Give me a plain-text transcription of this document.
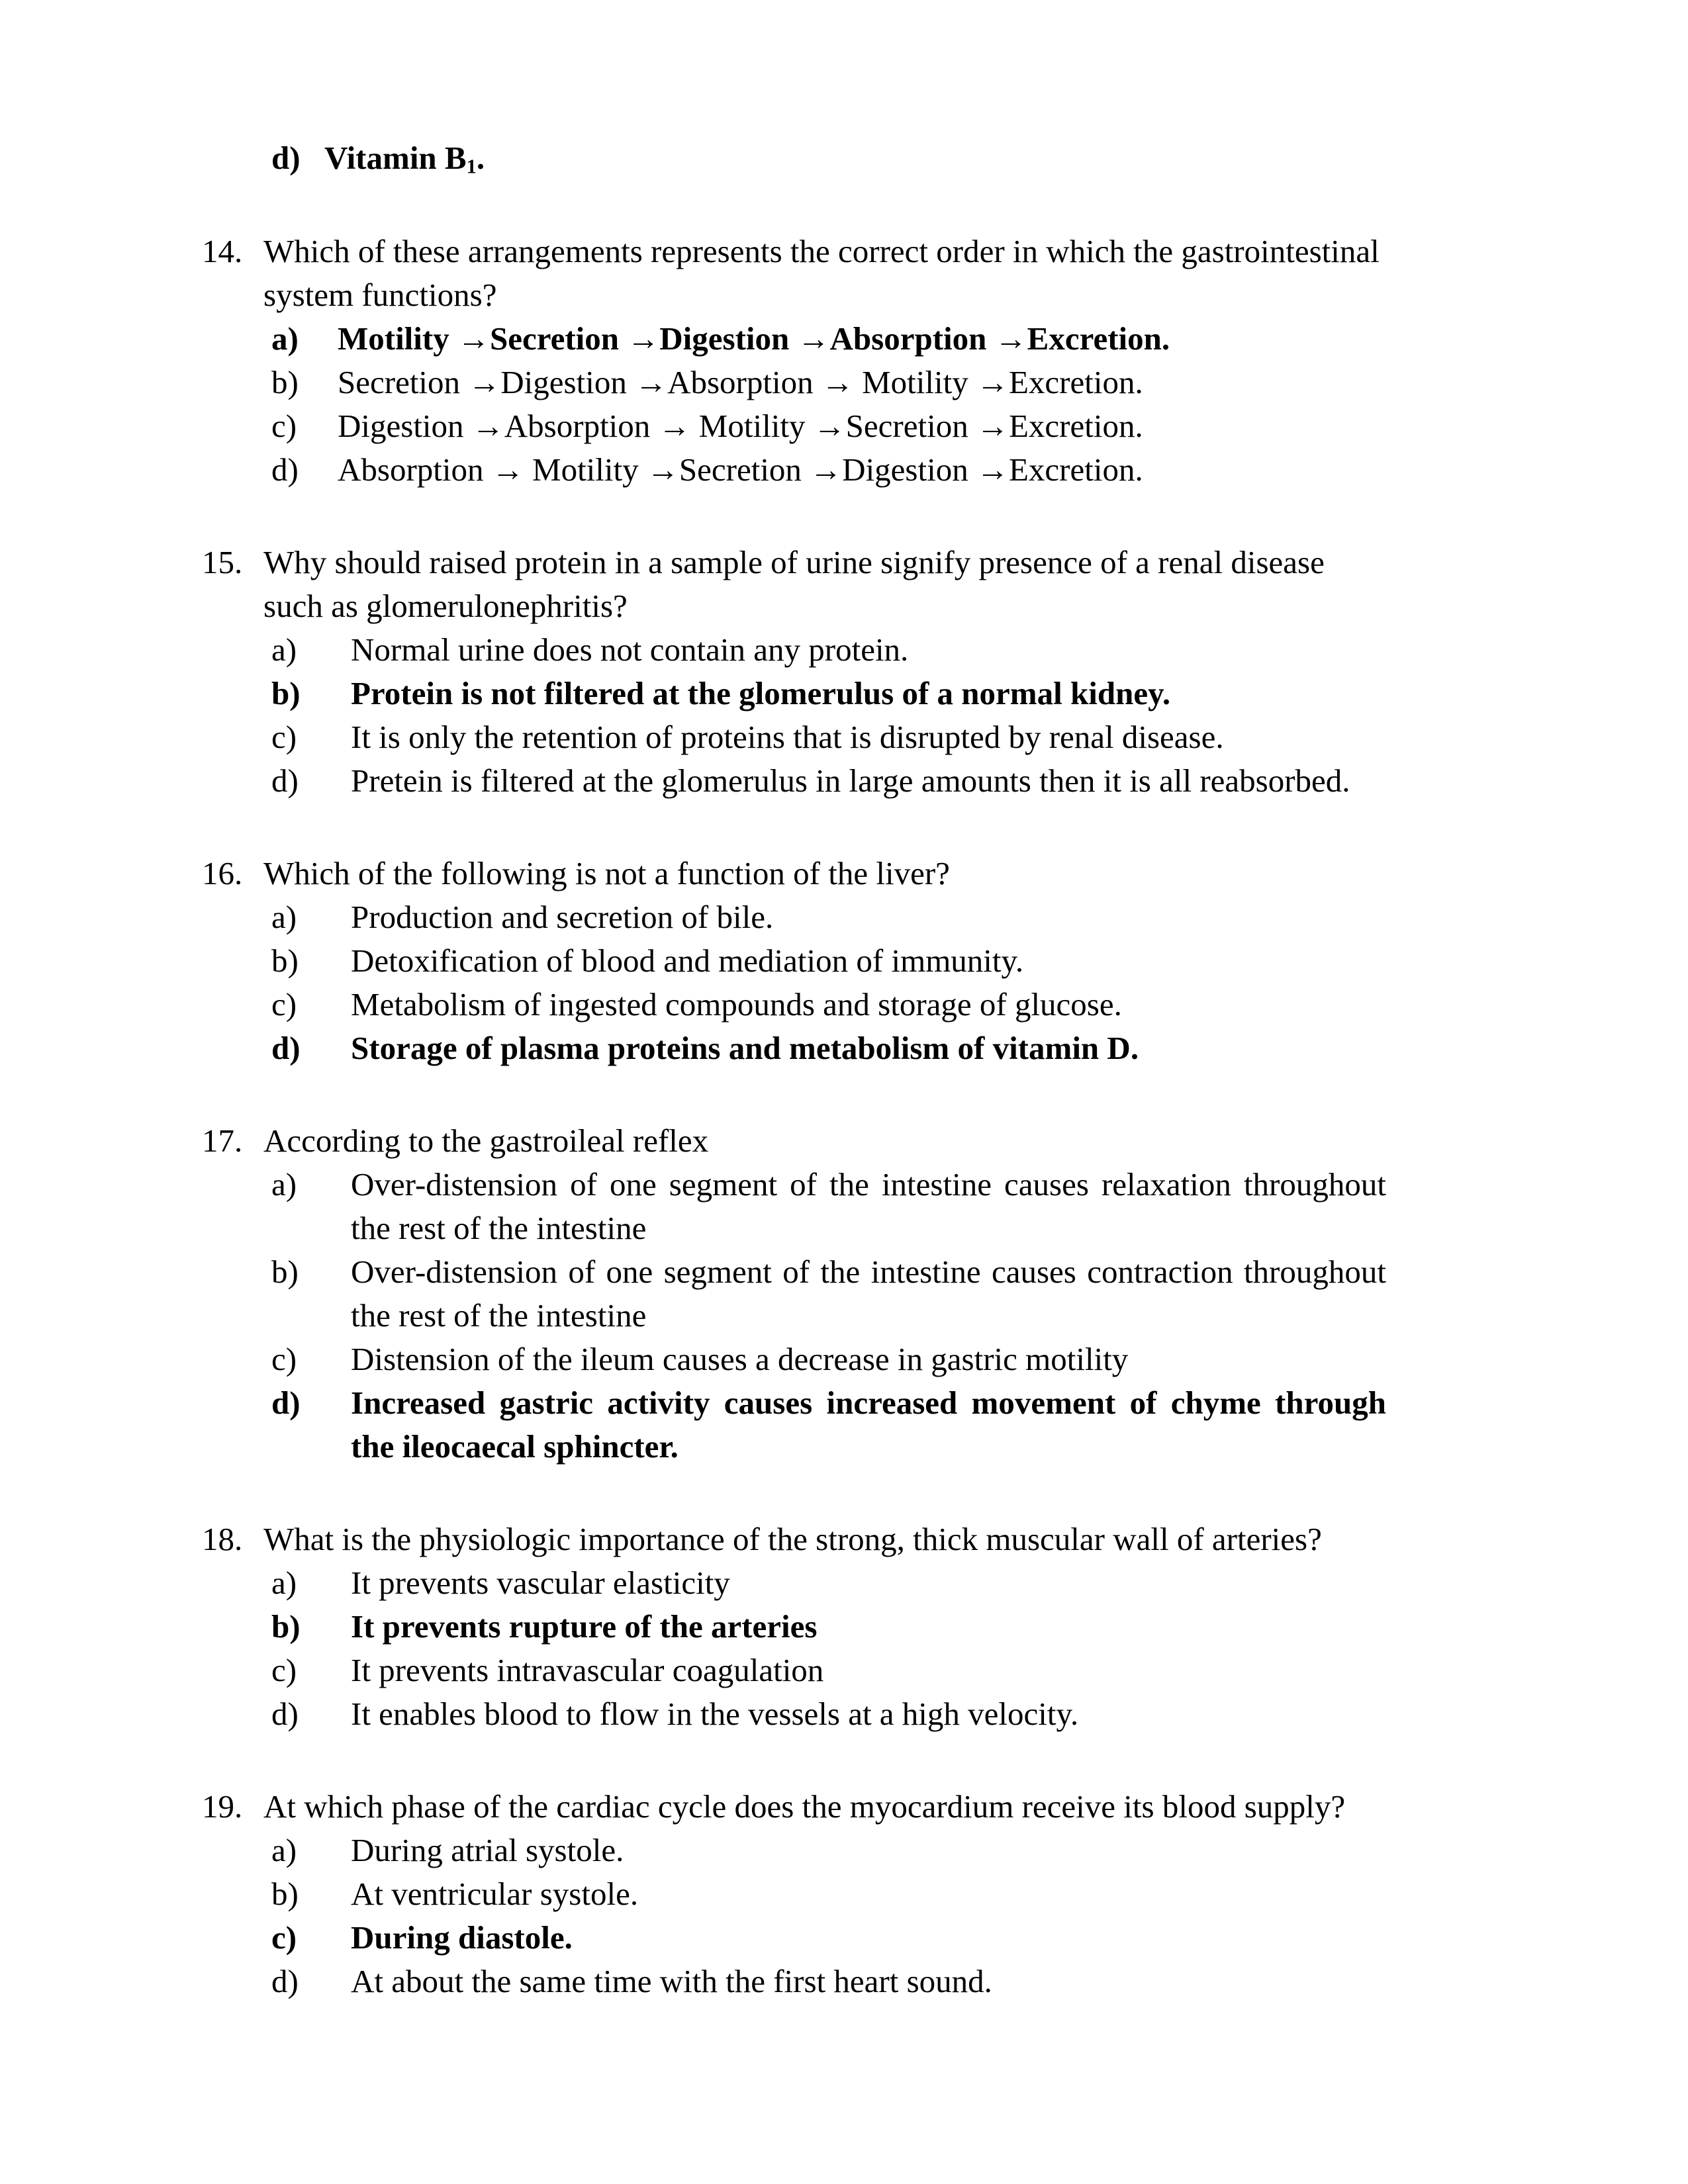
d) Vitamin $B_1$.
14. Which of these arrangements represents the correct order in which the gastrointestinal
system functions?
a) Motility →Secretion →Digestion →Absorption →Excretion.
b) Secretion →Digestion →Absorption → Motility →Excretion.
c) Digestion →Absorption → Motility →Secretion →Excretion.
d) Absorption → Motility →Secretion →Digestion →Excretion.
15. Why should raised protein in a sample of urine signify presence of a renal disease
such as glomerulonephritis?
a) Normal urine does not contain any protein.
b) Protein is not filtered at the glomerulus of a normal kidney.
c) It is only the retention of proteins that is disrupted by renal disease.
d) Pretein is filtered at the glomerulus in large amounts then it is all reabsorbed.
16. Which of the following is not a function of the liver?
a) Production and secretion of bile.
b) Detoxification of blood and mediation of immunity.
c) Metabolism of ingested compounds and storage of glucose.
d) Storage of plasma proteins and metabolism of vitamin D.
17. According to the gastroileal reflex
a) Over-distension of one segment of the intestine causes relaxation throughout
the rest of the intestine
b) Over-distension of one segment of the intestine causes contraction throughout
the rest of the intestine
c) Distension of the ileum causes a decrease in gastric motility
d) Increased gastric activity causes increased movement of chyme through
the ileocaecal sphincter.
18. What is the physiologic importance of the strong, thick muscular wall of arteries?
a) It prevents vascular elasticity
b) It prevents rupture of the arteries
c) It prevents intravascular coagulation
d) It enables blood to flow in the vessels at a high velocity.
19. At which phase of the cardiac cycle does the myocardium receive its blood supply?
a) During atrial systole.
b) At ventricular systole.
c) During diastole.
d) At about the same time with the first heart sound.
